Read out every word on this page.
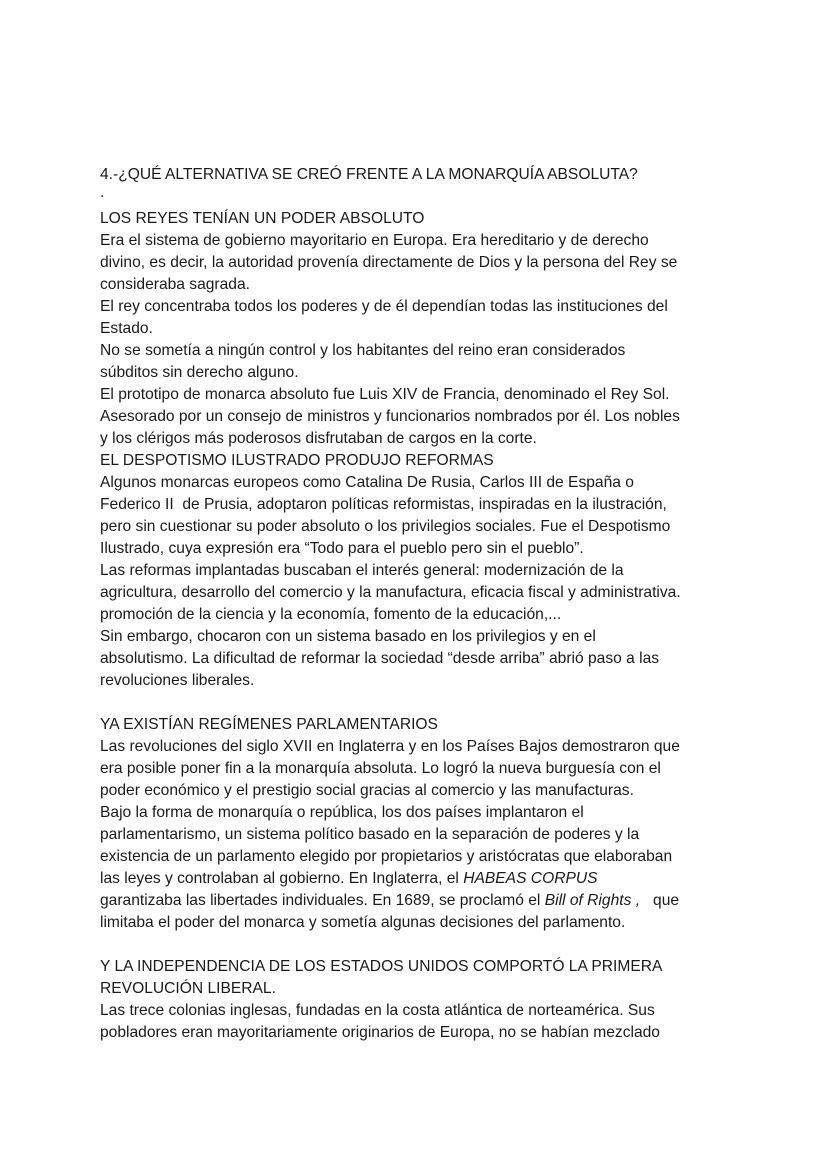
4.-¿QUÉ ALTERNATIVA SE CREÓ FRENTE A LA MONARQUÍA ABSOLUTA?
.
LOS REYES TENÍAN UN PODER ABSOLUTO
Era el sistema de gobierno mayoritario en Europa. Era hereditario y de derecho
divino, es decir, la autoridad provenía directamente de Dios y la persona del Rey se
consideraba sagrada.
El rey concentraba todos los poderes y de él dependían todas las instituciones del
Estado.
No se sometía a ningún control y los habitantes del reino eran considerados
súbditos sin derecho alguno.
El prototipo de monarca absoluto fue Luis XIV de Francia, denominado el Rey Sol.
Asesorado por un consejo de ministros y funcionarios nombrados por él. Los nobles
y los clérigos más poderosos disfrutaban de cargos en la corte.
EL DESPOTISMO ILUSTRADO PRODUJO REFORMAS
Algunos monarcas europeos como Catalina De Rusia, Carlos III de España o
Federico II  de Prusia, adoptaron políticas reformistas, inspiradas en la ilustración,
pero sin cuestionar su poder absoluto o los privilegios sociales. Fue el Despotismo
Ilustrado, cuya expresión era “Todo para el pueblo pero sin el pueblo”.
Las reformas implantadas buscaban el interés general: modernización de la
agricultura, desarrollo del comercio y la manufactura, eficacia fiscal y administrativa.
promoción de la ciencia y la economía, fomento de la educación,...
Sin embargo, chocaron con un sistema basado en los privilegios y en el
absolutismo. La dificultad de reformar la sociedad “desde arriba” abrió paso a las
revoluciones liberales.
YA EXISTÍAN REGÍMENES PARLAMENTARIOS
Las revoluciones del siglo XVII en Inglaterra y en los Países Bajos demostraron que
era posible poner fin a la monarquía absoluta. Lo logró la nueva burguesía con el
poder económico y el prestigio social gracias al comercio y las manufacturas.
Bajo la forma de monarquía o república, los dos países implantaron el
parlamentarismo, un sistema político basado en la separación de poderes y la
existencia de un parlamento elegido por propietarios y aristócratas que elaboraban
las leyes y controlaban al gobierno. En Inglaterra, el HABEAS CORPUS
garantizaba las libertades individuales. En 1689, se proclamó el Bill of Rights ,   que
limitaba el poder del monarca y sometía algunas decisiones del parlamento.
Y LA INDEPENDENCIA DE LOS ESTADOS UNIDOS COMPORTÓ LA PRIMERA
REVOLUCIÓN LIBERAL.
Las trece colonias inglesas, fundadas en la costa atlántica de norteamérica. Sus
pobladores eran mayoritariamente originarios de Europa, no se habían mezclado
